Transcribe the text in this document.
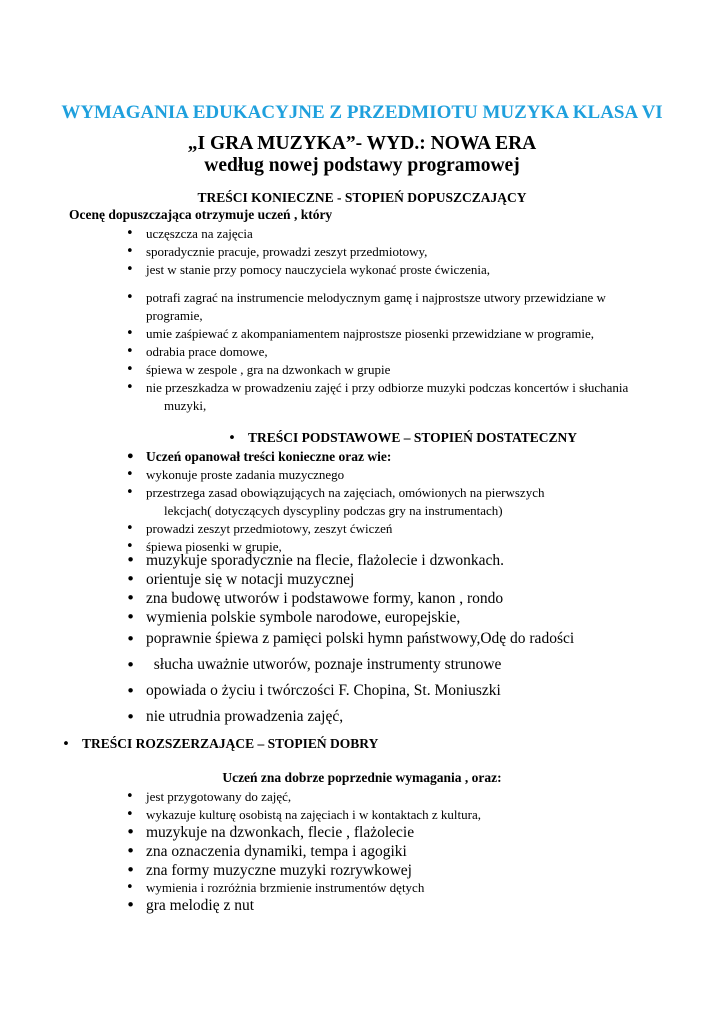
WYMAGANIA EDUKACYJNE Z PRZEDMIOTU MUZYKA KLASA VI
„I GRA MUZYKA”- WYD.: NOWA ERA
według nowej podstawy programowej
TREŚCI KONIECZNE - STOPIEŃ DOPUSZCZAJĄCY
Ocenę dopuszczająca otrzymuje uczeń , który
• uczęszcza na zajęcia
• sporadycznie pracuje, prowadzi zeszyt przedmiotowy,
• jest w stanie przy pomocy nauczyciela wykonać proste ćwiczenia,
• potrafi zagrać na instrumencie melodycznym gamę i najprostsze utwory przewidziane w
programie,
• umie zaśpiewać z akompaniamentem najprostsze piosenki przewidziane w programie,
• odrabia prace domowe,
• śpiewa w zespole , gra na dzwonkach w grupie
• nie przeszkadza w prowadzeniu zajęć i przy odbiorze muzyki podczas koncertów i słuchania
muzyki,
• TREŚCI PODSTAWOWE – STOPIEŃ DOSTATECZNY
• Uczeń opanował treści konieczne oraz wie:
• wykonuje proste zadania muzycznego
• przestrzega zasad obowiązujących na zajęciach, omówionych na pierwszych
lekcjach( dotyczących dyscypliny podczas gry na instrumentach)
• prowadzi zeszyt przedmiotowy, zeszyt ćwiczeń
• śpiewa piosenki w grupie,
• muzykuje sporadycznie na flecie, flażolecie i dzwonkach.
• orientuje się w notacji muzycznej
• zna budowę utworów i podstawowe formy, kanon , rondo
• wymienia polskie symbole narodowe, europejskie,
• poprawnie śpiewa z pamięci polski hymn państwowy,Odę do radości
•   słucha uważnie utworów, poznaje instrumenty strunowe
• opowiada o życiu i twórczości F. Chopina, St. Moniuszki
• nie utrudnia prowadzenia zajęć,
• TREŚCI ROZSZERZAJĄCE – STOPIEŃ DOBRY
Uczeń zna dobrze poprzednie wymagania , oraz:
• jest przygotowany do zajęć,
• wykazuje kulturę osobistą na zajęciach i w kontaktach z kultura,
• muzykuje na dzwonkach, flecie , flażolecie
• zna oznaczenia dynamiki, tempa i agogiki
• zna formy muzyczne muzyki rozrywkowej
• wymienia i rozróżnia brzmienie instrumentów dętych
• gra melodię z nut
